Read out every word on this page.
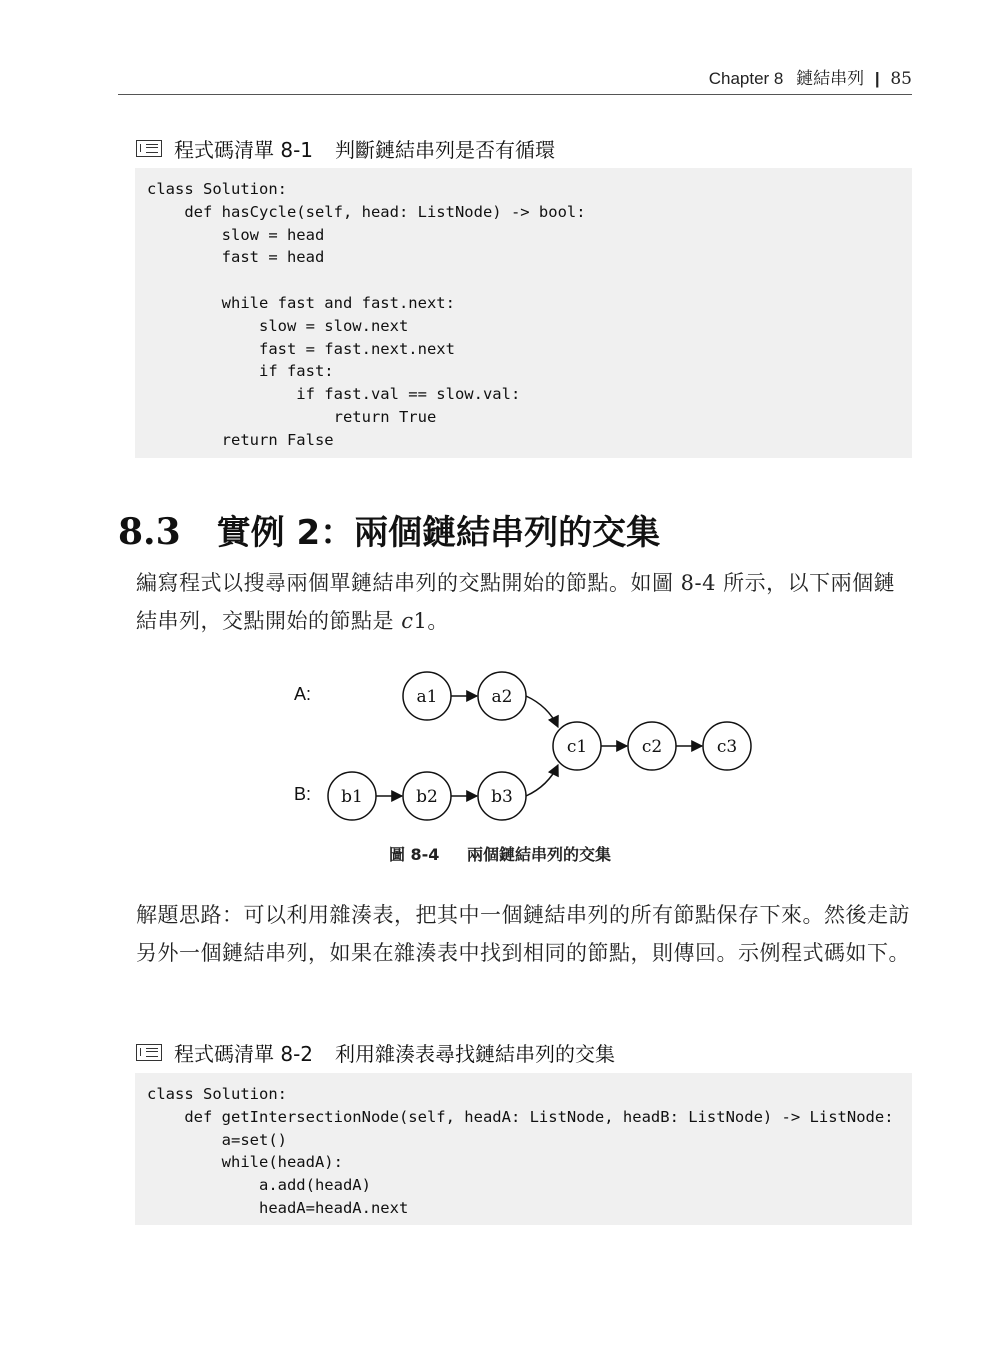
Chapter 8 鏈結串列 | 85
程式碼清單 8-1 判斷鏈結串列是否有循環
class Solution:
def hasCycle(self, head: ListNode) -> bool:
slow = head
fast = head

while fast and fast.next:
slow = slow.next
fast = fast.next.next
if fast:
if fast.val == slow.val:
return True
return False
8.3 實例 2：兩個鏈結串列的交集
編寫程式以搜尋兩個單鏈結串列的交點開始的節點。如圖 8-4 所示，以下兩個鏈結串列，交點開始的節點是 c1。
A:
B:
a1	a2
c1	c2	c3
b1	b2	b3
圖 8-4 兩個鏈結串列的交集
解題思路：可以利用雜湊表，把其中一個鏈結串列的所有節點保存下來。然後走訪另外一個鏈結串列，如果在雜湊表中找到相同的節點，則傳回。示例程式碼如下。
程式碼清單 8-2 利用雜湊表尋找鏈結串列的交集
class Solution:
def getIntersectionNode(self, headA: ListNode, headB: ListNode) -> ListNode:
a=set()
while(headA):
a.add(headA)
headA=headA.next
